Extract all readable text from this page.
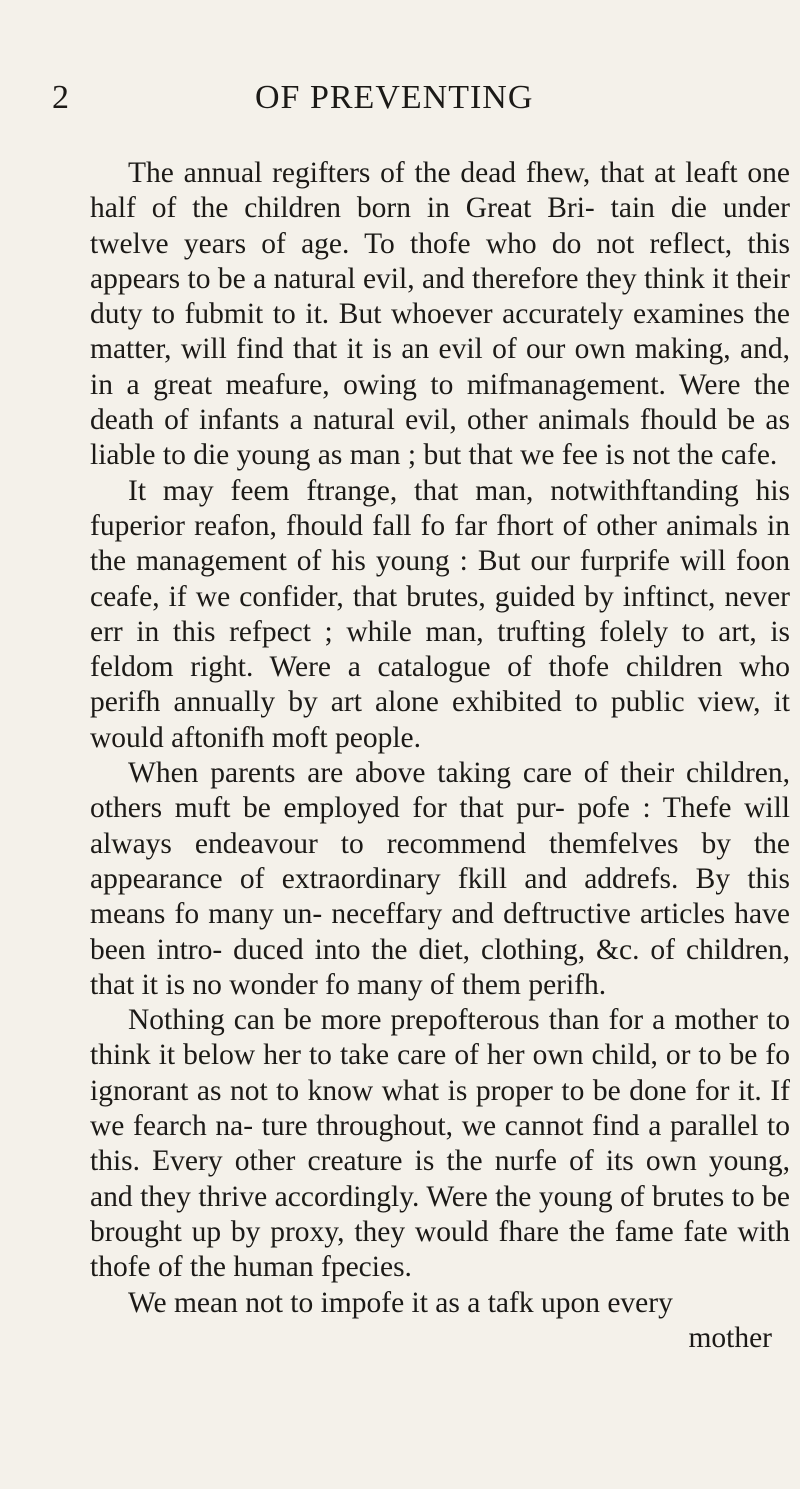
2	OF PREVENTING

The annual regifters of the dead fhew, that at leaft one half of the children born in Great Bri- tain die under twelve years of age. To thofe who do not reflect, this appears to be a natural evil, and therefore they think it their duty to fubmit to it. But whoever accurately examines the matter, will find that it is an evil of our own making, and, in a great meafure, owing to mifmanagement. Were the death of infants a natural evil, other animals fhould be as liable to die young as man ; but that we fee is not the cafe.

It may feem ftrange, that man, notwithftanding his fuperior reafon, fhould fall fo far fhort of other animals in the management of his young : But our furprife will foon ceafe, if we confider, that brutes, guided by inftinct, never err in this refpect ; while man, trufting folely to art, is feldom right. Were a catalogue of thofe children who perifh annually by art alone exhibited to public view, it would aftonifh moft people.

When parents are above taking care of their children, others muft be employed for that pur- pofe : Thefe will always endeavour to recommend themfelves by the appearance of extraordinary fkill and addrefs. By this means fo many un- neceffary and deftructive articles have been intro- duced into the diet, clothing, &c. of children, that it is no wonder fo many of them perifh.

Nothing can be more prepofterous than for a mother to think it below her to take care of her own child, or to be fo ignorant as not to know what is proper to be done for it. If we fearch na- ture throughout, we cannot find a parallel to this. Every other creature is the nurfe of its own young, and they thrive accordingly. Were the young of brutes to be brought up by proxy, they would fhare the fame fate with thofe of the human fpecies.

We mean not to impofe it as a tafk upon every

mother
